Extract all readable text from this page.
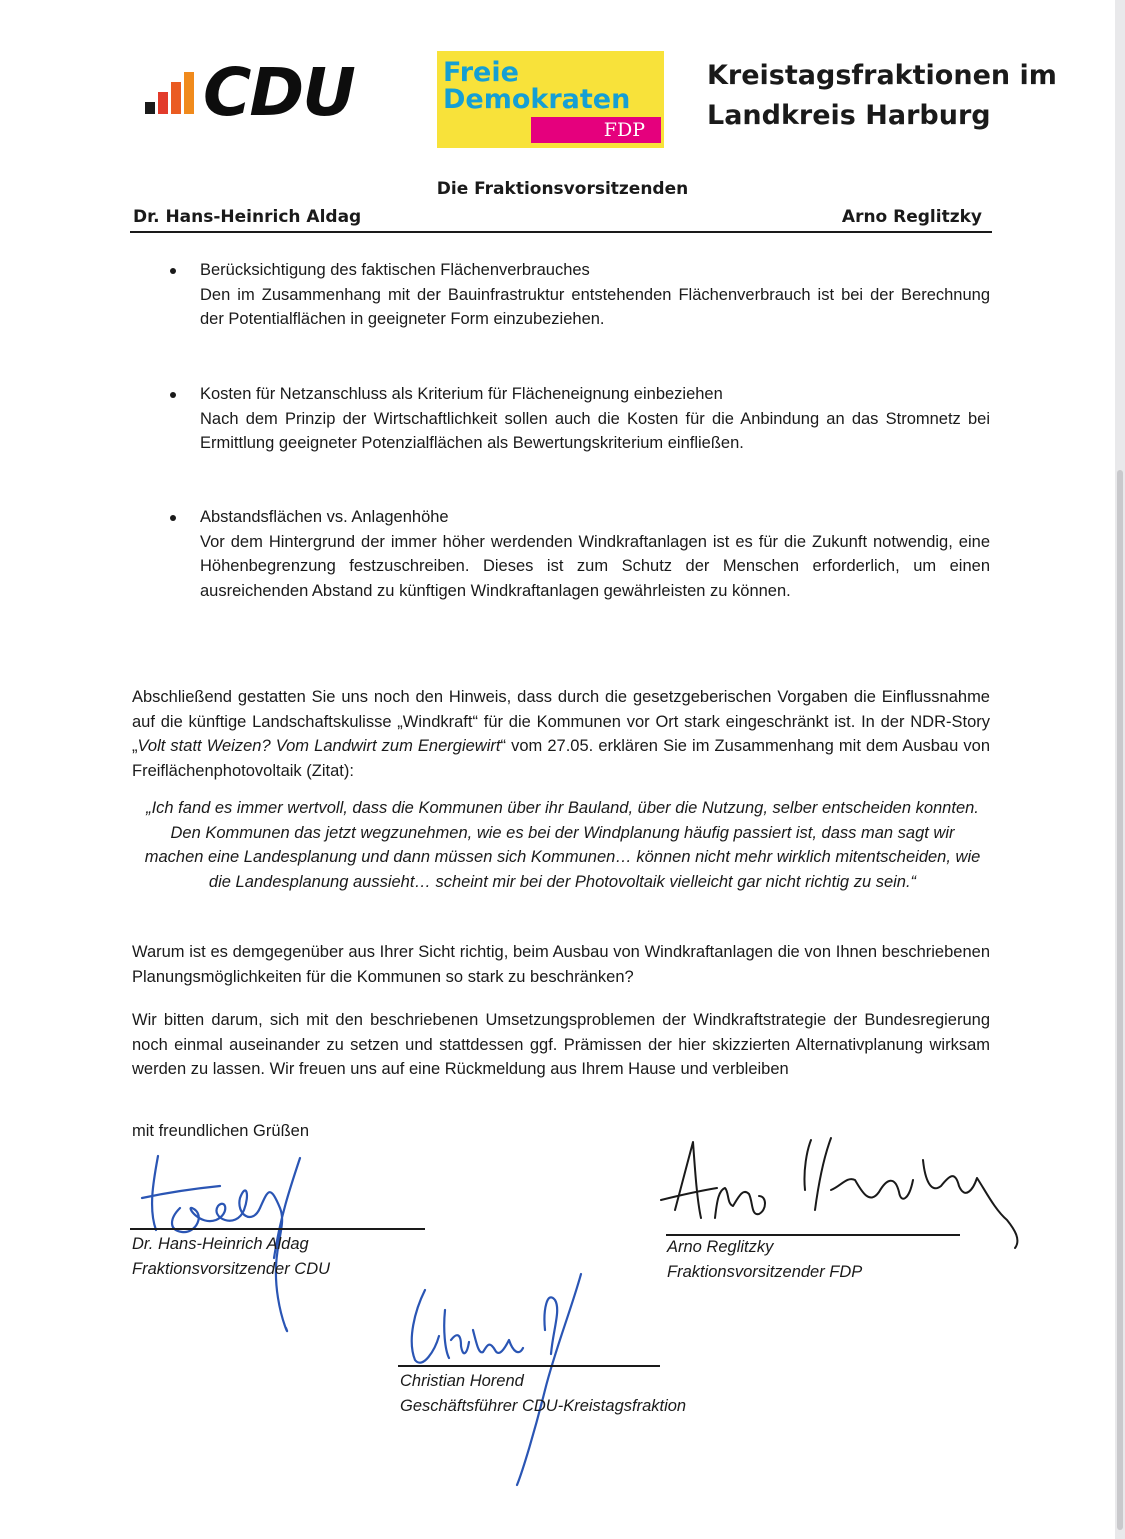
CDU	Freie
Demokraten
FDP
Kreistagsfraktionen im
Landkreis Harburg
Die Fraktionsvorsitzenden
Dr. Hans-Heinrich Aldag	Arno Reglitzky
Berücksichtigung des faktischen Flächenverbrauches
Den im Zusammenhang mit der Bauinfrastruktur entstehenden Flächenverbrauch ist bei der Berechnung der Potentialflächen in geeigneter Form einzubeziehen.
Kosten für Netzanschluss als Kriterium für Flächeneignung einbeziehen
Nach dem Prinzip der Wirtschaftlichkeit sollen auch die Kosten für die Anbindung an das Stromnetz bei Ermittlung geeigneter Potenzialflächen als Bewertungskriterium einfließen.
Abstandsflächen vs. Anlagenhöhe
Vor dem Hintergrund der immer höher werdenden Windkraftanlagen ist es für die Zukunft notwendig, eine Höhenbegrenzung festzuschreiben. Dieses ist zum Schutz der Menschen erforderlich, um einen ausreichenden Abstand zu künftigen Windkraftanlagen gewährleisten zu können.
Abschließend gestatten Sie uns noch den Hinweis, dass durch die gesetzgeberischen Vorgaben die Einflussnahme auf die künftige Landschaftskulisse „Windkraft“ für die Kommunen vor Ort stark eingeschränkt ist. In der NDR-Story „Volt statt Weizen? Vom Landwirt zum Energiewirt“ vom 27.05. erklären Sie im Zusammenhang mit dem Ausbau von Freiflächenphotovoltaik (Zitat):
„Ich fand es immer wertvoll, dass die Kommunen über ihr Bauland, über die Nutzung, selber entscheiden konnten. Den Kommunen das jetzt wegzunehmen, wie es bei der Windplanung häufig passiert ist, dass man sagt wir machen eine Landesplanung und dann müssen sich Kommunen… können nicht mehr wirklich mitentscheiden, wie die Landesplanung aussieht… scheint mir bei der Photovoltaik vielleicht gar nicht richtig zu sein.“
Warum ist es demgegenüber aus Ihrer Sicht richtig, beim Ausbau von Windkraftanlagen die von Ihnen beschriebenen Planungsmöglichkeiten für die Kommunen so stark zu beschränken?
Wir bitten darum, sich mit den beschriebenen Umsetzungsproblemen der Windkraftstrategie der Bundesregierung noch einmal auseinander zu setzen und stattdessen ggf. Prämissen der hier skizzierten Alternativplanung wirksam werden zu lassen. Wir freuen uns auf eine Rückmeldung aus Ihrem Hause und verbleiben
mit freundlichen Grüßen
Dr. Hans-Heinrich Aldag
Fraktionsvorsitzender CDU
Arno Reglitzky
Fraktionsvorsitzender FDP
Christian Horend
Geschäftsführer CDU-Kreistagsfraktion
